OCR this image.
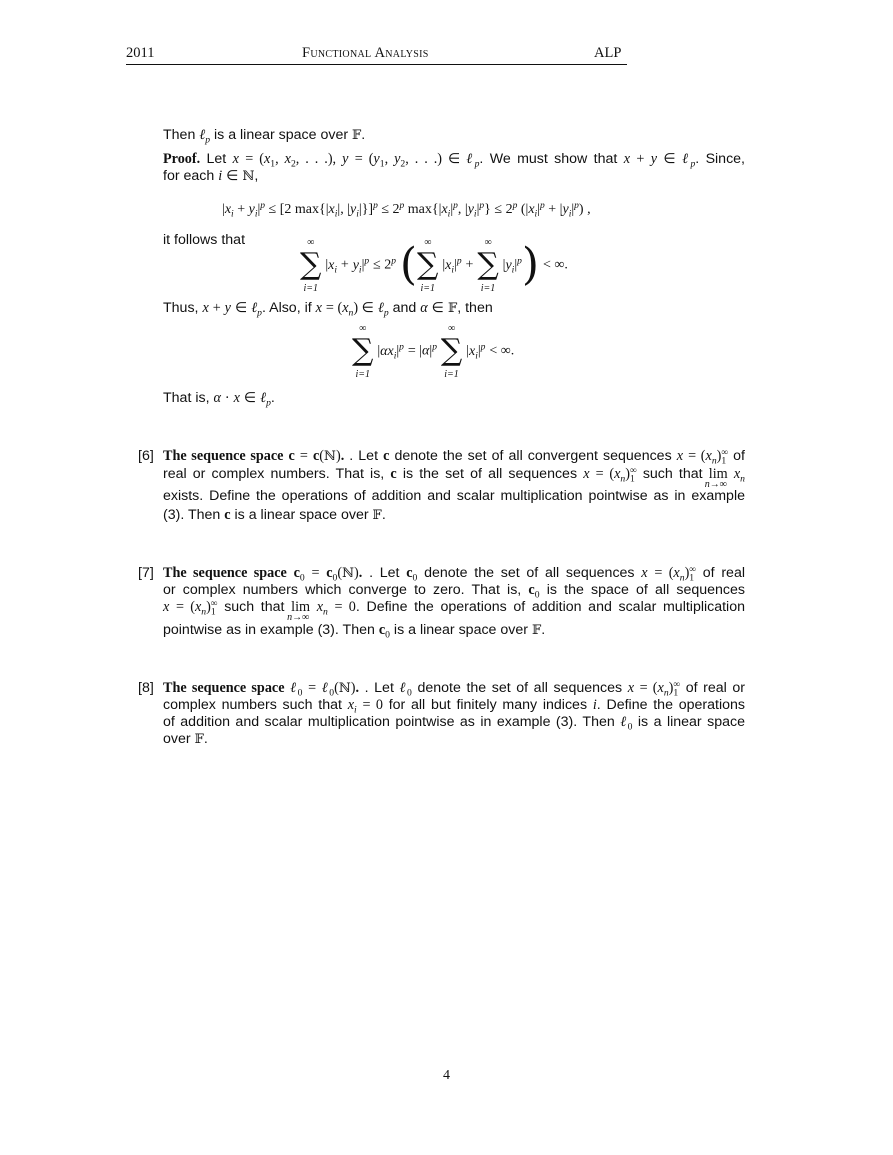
2011	Functional Analysis	ALP
Then ℓ$_p$ is a linear space over 𝔽.
Proof. Let $x = (x_1$, $x_2$, . . .), $y = (y_1$, $y_2$, . . .) ∈ ℓ$_p$. We must show that x + y ∈ ℓ$_p$. Since,
for each i ∈ ℕ,
$|x_i + y_i|^p \le [2$ $\max\{|x_i|$, $|y_i|\}]^p \le 2^p$ $\max\{|x_i|^p$, $|y_i|^p\} \le 2^p$ $(|x_i|^p + |y_i|^p)$ ,
it follows that	∞
∑
i=1
$|x_i + y_i|^p \le 2^p$ ( ∞
∑
i=1
$|x_i|^p$ +
∞
∑
i=1
$|y_i|^p$) < ∞.
Thus, x + y ∈ ℓ$_p$. Also, if $x = (x_n)$ ∈ ℓ$_p$ and α ∈ 𝔽, then
∞
∑
i=1
$|\alpha x_i|^p = |\alpha|^p$
∞
∑
i=1
$|x_i|^p$ < ∞.
That is, α · x ∈ ℓ$_p$.
[6] The sequence space c = c(ℕ). . Let c denote the set of all convergent sequences $x = (x_n)_1^\infty$ of
real or complex numbers. That is, c is the set of all sequences $x = (x_n)_1^\infty$ such that lim
n→∞
$x_n$
exists. Define the operations of addition and scalar multiplication pointwise as in example
(3). Then c is a linear space over 𝔽.
[7] The sequence space $c_0$ = $c_0(ℕ)$. . Let $c_0$ denote the set of all sequences $x = (x_n)_1^\infty$ of real
or complex numbers which converge to zero. That is, $c_0$ is the space of all sequences
$x = (x_n)_1^\infty$ such that lim
n→∞
$x_n = 0$. Define the operations of addition and scalar multiplication
pointwise as in example (3). Then $c_0$ is a linear space over 𝔽.
[8] The sequence space ℓ$_0$ = ℓ$_0$(ℕ). . Let ℓ$_0$ denote the set of all sequences $x = (x_n)_1^\infty$ of real or
complex numbers such that $x_i = 0$ for all but finitely many indices i. Define the operations
of addition and scalar multiplication pointwise as in example (3). Then ℓ$_0$ is a linear space
over 𝔽.
4
